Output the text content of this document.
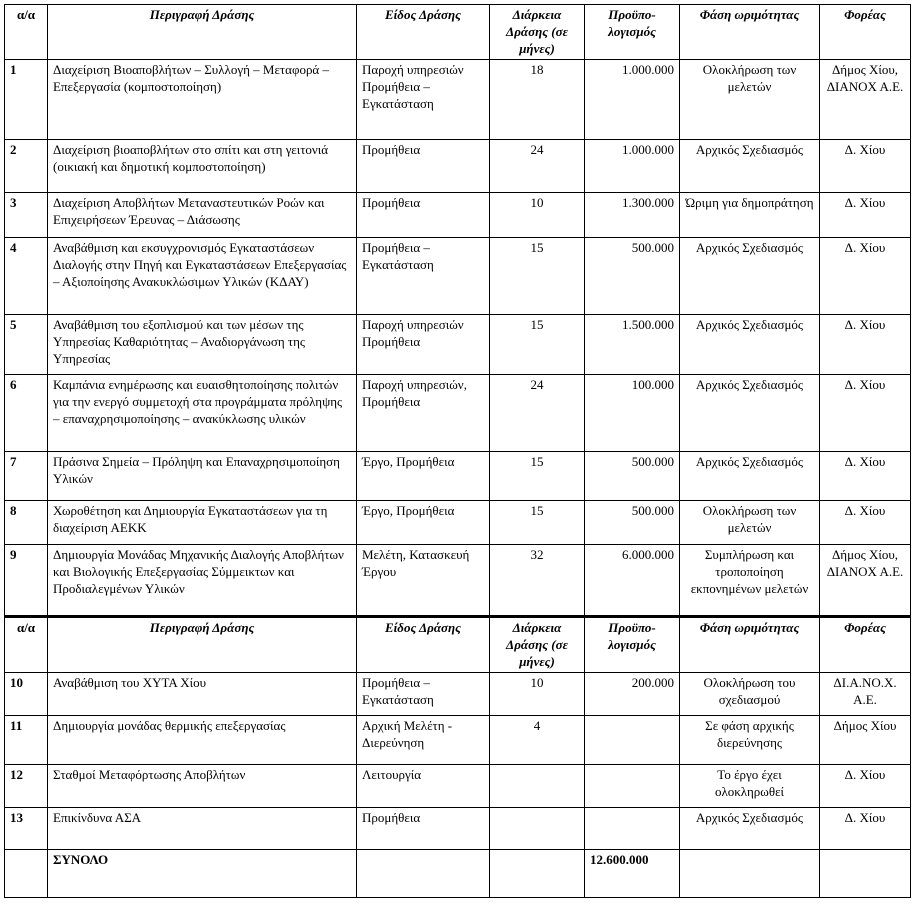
α/α	Περιγραφή Δράσης	Είδος Δράσης	Διάρκεια Δράσης (σε μήνες)	Προϋπο- λογισμός	Φάση ωριμότητας	Φορέας
1	Διαχείριση Βιοαποβλήτων – Συλλογή – Μεταφορά – Επεξεργασία (κομποστοποίηση)	Παροχή υπηρεσιών Προμήθεια – Εγκατάσταση	18	1.000.000	Ολοκλήρωση των μελετών	Δήμος Χίου, ΔΙΑΝΟΧ Α.Ε.
2	Διαχείριση βιοαποβλήτων στο σπίτι και στη γειτονιά (οικιακή και δημοτική κομποστοποίηση)	Προμήθεια	24	1.000.000	Αρχικός Σχεδιασμός	Δ. Χίου
3	Διαχείριση Αποβλήτων Μεταναστευτικών Ροών και Επιχειρήσεων Έρευνας – Διάσωσης	Προμήθεια	10	1.300.000	Ώριμη για δημοπράτηση	Δ. Χίου
4	Αναβάθμιση και εκσυγχρονισμός Εγκαταστάσεων Διαλογής στην Πηγή και Εγκαταστάσεων Επεξεργασίας – Αξιοποίησης Ανακυκλώσιμων Υλικών (ΚΔΑΥ)	Προμήθεια – Εγκατάσταση	15	500.000	Αρχικός Σχεδιασμός	Δ. Χίου
5	Αναβάθμιση του εξοπλισμού και των μέσων της Υπηρεσίας Καθαριότητας – Αναδιοργάνωση της Υπηρεσίας	Παροχή υπηρεσιών Προμήθεια	15	1.500.000	Αρχικός Σχεδιασμός	Δ. Χίου
6	Καμπάνια ενημέρωσης και ευαισθητοποίησης πολιτών για την ενεργό συμμετοχή στα προγράμματα πρόληψης – επαναχρησιμοποίησης – ανακύκλωσης υλικών	Παροχή υπηρεσιών, Προμήθεια	24	100.000	Αρχικός Σχεδιασμός	Δ. Χίου
7	Πράσινα Σημεία – Πρόληψη και Επαναχρησιμοποίηση Υλικών	Έργο, Προμήθεια	15	500.000	Αρχικός Σχεδιασμός	Δ. Χίου
8	Χωροθέτηση και Δημιουργία Εγκαταστάσεων για τη διαχείριση ΑΕΚΚ	Έργο, Προμήθεια	15	500.000	Ολοκλήρωση των μελετών	Δ. Χίου
9	Δημιουργία Μονάδας Μηχανικής Διαλογής Αποβλήτων και Βιολογικής Επεξεργασίας Σύμμεικτων και Προδιαλεγμένων Υλικών	Μελέτη, Κατασκευή Έργου	32	6.000.000	Συμπλήρωση και τροποποίηση εκπονημένων μελετών	Δήμος Χίου, ΔΙΑΝΟΧ Α.Ε.
α/α	Περιγραφή Δράσης	Είδος Δράσης	Διάρκεια Δράσης (σε μήνες)	Προϋπο- λογισμός	Φάση ωριμότητας	Φορέας
10	Αναβάθμιση του ΧΥΤΑ Χίου	Προμήθεια – Εγκατάσταση	10	200.000	Ολοκλήρωση του σχεδιασμού	ΔΙ.Α.ΝΟ.Χ. Α.Ε.
11	Δημιουργία μονάδας θερμικής επεξεργασίας	Αρχική Μελέτη - Διερεύνηση	4		Σε φάση αρχικής διερεύνησης	Δήμος Χίου
12	Σταθμοί Μεταφόρτωσης Αποβλήτων	Λειτουργία			Το έργο έχει ολοκληρωθεί	Δ. Χίου
13	Επικίνδυνα ΑΣΑ	Προμήθεια			Αρχικός Σχεδιασμός	Δ. Χίου
	ΣΥΝΟΛΟ			12.600.000		
